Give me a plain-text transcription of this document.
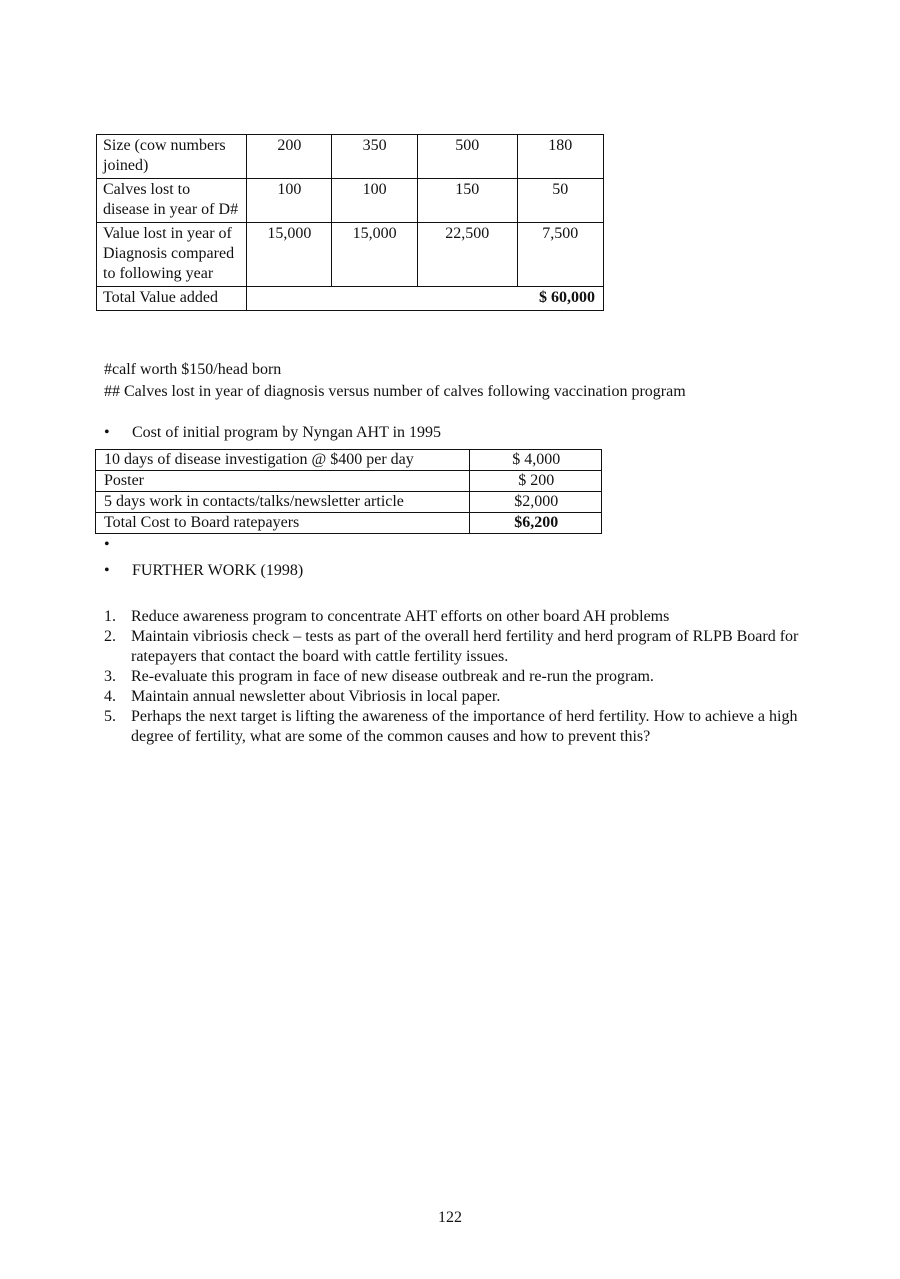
Size (cow numbers joined)	200	350	500	180
Calves lost to disease in year of D#	100	100	150	50
Value lost in year of Diagnosis compared to following year	15,000	15,000	22,500	7,500
Total Value added	$ 60,000			
#calf worth $150/head born
## Calves lost in year of diagnosis versus number of calves following vaccination program
• Cost of initial program by Nyngan AHT in 1995
10 days of disease investigation @ $400 per day	$ 4,000
Poster	$ 200
5 days work in contacts/talks/newsletter article	$2,000
Total Cost to Board ratepayers	$6,200
•
• FURTHER WORK (1998)
1. Reduce awareness program to concentrate AHT efforts on other board AH problems
2. Maintain vibriosis check – tests as part of the overall herd fertility and herd program of RLPB Board for ratepayers that contact the board with cattle fertility issues.
3. Re-evaluate this program in face of new disease outbreak and re-run the program.
4. Maintain annual newsletter about Vibriosis in local paper.
5. Perhaps the next target is lifting the awareness of the importance of herd fertility. How to achieve a high degree of fertility, what are some of the common causes and how to prevent this?
122
